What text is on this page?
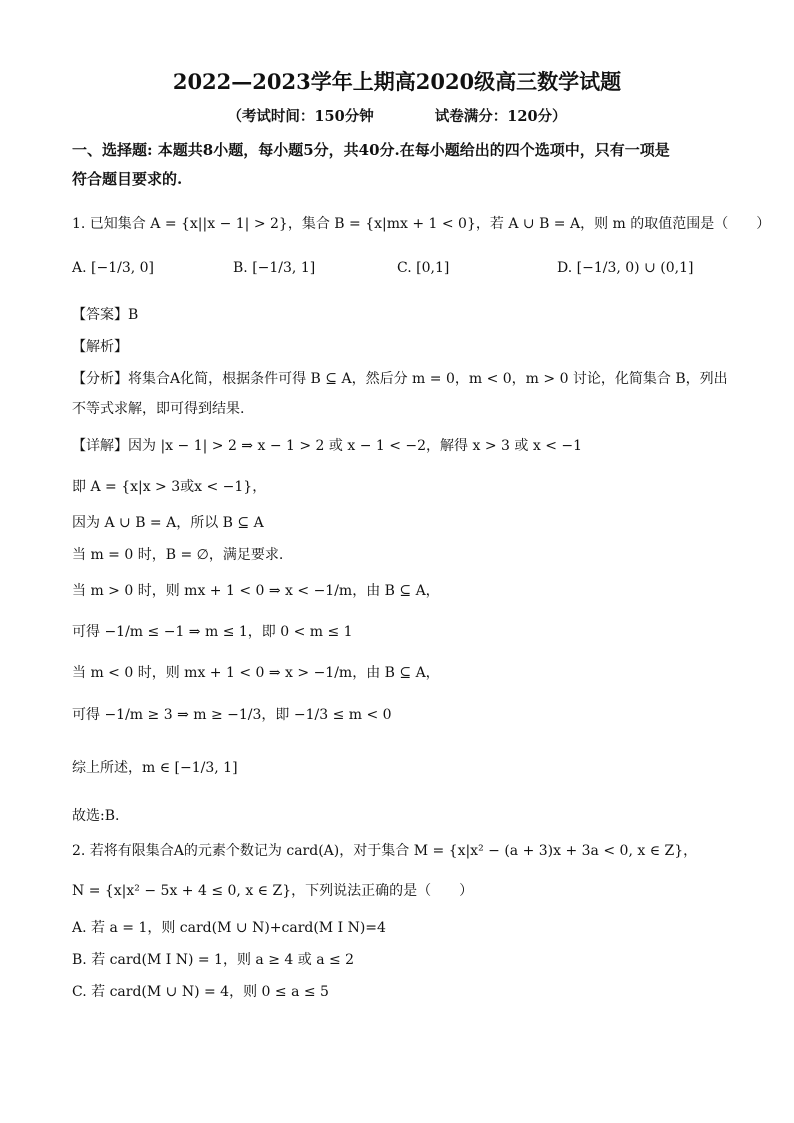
2022—2023学年上期高2020级高三数学试题
（考试时间：150分钟	试卷满分：120分）
一、选择题: 本题共8小题，每小题5分，共40分.在每小题给出的四个选项中，只有一项是
符合题目要求的.
1. 已知集合 A = {x||x − 1| > 2}，集合 B = {x|mx + 1 < 0}，若 A ∪ B = A，则 m 的取值范围是（　　）
A. [−1/3, 0]	B. [−1/3, 1]	C. [0,1]	D. [−1/3, 0) ∪ (0,1]
【答案】B
【解析】
【分析】将集合A化简，根据条件可得 B ⊆ A，然后分 m = 0，m < 0，m > 0 讨论，化简集合 B，列出
不等式求解，即可得到结果.
【详解】因为 |x − 1| > 2 ⇒ x − 1 > 2 或 x − 1 < −2，解得 x > 3 或 x < −1
即 A = {x|x > 3或x < −1}，
因为 A ∪ B = A，所以 B ⊆ A
当 m = 0 时，B = ∅，满足要求.
当 m > 0 时，则 mx + 1 < 0 ⇒ x < −1/m，由 B ⊆ A，
可得 −1/m ≤ −1 ⇒ m ≤ 1，即 0 < m ≤ 1
当 m < 0 时，则 mx + 1 < 0 ⇒ x > −1/m，由 B ⊆ A，
可得 −1/m ≥ 3 ⇒ m ≥ −1/3，即 −1/3 ≤ m < 0
综上所述，m ∈ [−1/3, 1]
故选:B.
2. 若将有限集合A的元素个数记为 card(A)，对于集合 M = {x|x² − (a + 3)x + 3a < 0, x ∈ Z}，
N = {x|x² − 5x + 4 ≤ 0, x ∈ Z}，下列说法正确的是（　　）
A. 若 a = 1，则 card(M ∪ N)+card(M I N)=4
B. 若 card(M I N) = 1，则 a ≥ 4 或 a ≤ 2
C. 若 card(M ∪ N) = 4，则 0 ≤ a ≤ 5
